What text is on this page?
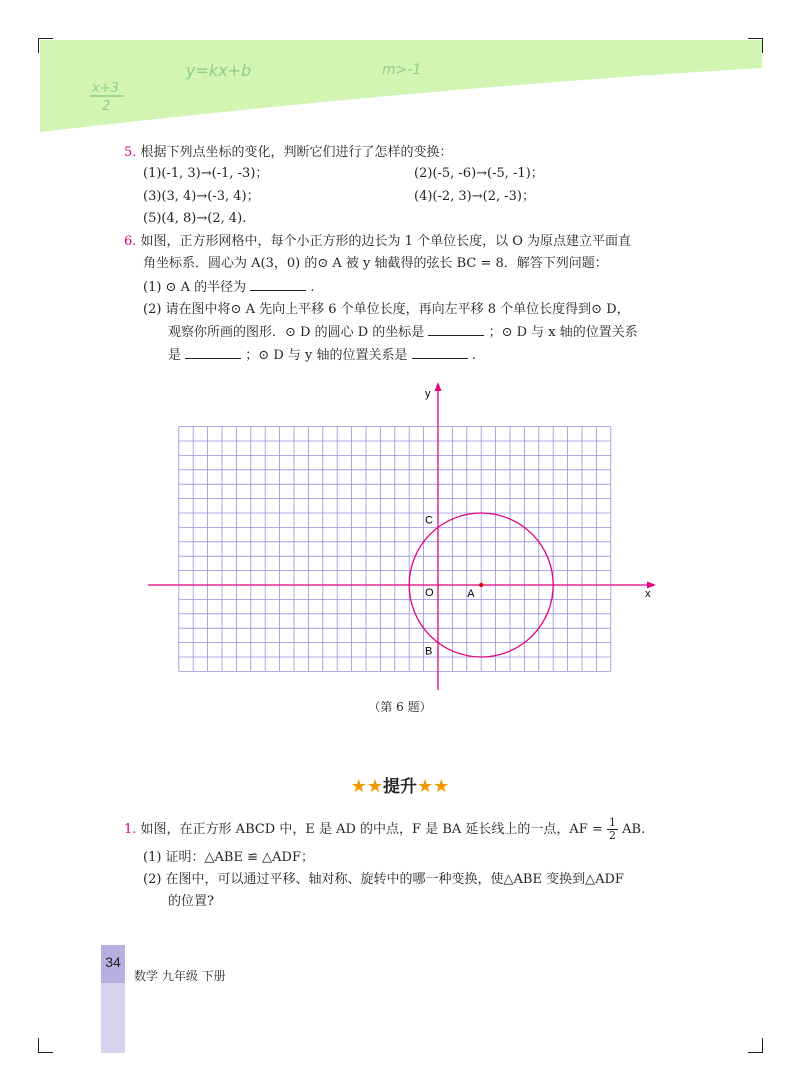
x+3
2
y=kx+b	m>-1
5. 根据下列点坐标的变化，判断它们进行了怎样的变换：
(1)(-1, 3)→(-1, -3)；	(2)(-5, -6)→(-5, -1)；
(3)(3, 4)→(-3, 4)；	(4)(-2, 3)→(2, -3)；
(5)(4, 8)→(2, 4).
6. 如图，正方形网格中，每个小正方形的边长为 1 个单位长度，以 O 为原点建立平面直
角坐标系．圆心为 A(3，0) 的⊙ A 被 y 轴截得的弦长 BC = 8．解答下列问题：
(1) ⊙ A 的半径为	.
(2) 请在图中将⊙ A 先向上平移 6 个单位长度，再向左平移 8 个单位长度得到⊙ D，
观察你所画的图形．⊙ D 的圆心 D 的坐标是	；⊙ D 与 x 轴的位置关系
是	；⊙ D 与 y 轴的位置关系是	.
x
y
O	A
B
C
（第 6 题）
★★提升★★
1. 如图，在正方形 ABCD 中，E 是 AD 的中点，F 是 BA 延长线上的一点，AF = $\frac{1}{2}$ AB.
(1) 证明：△ABE ≌ △ADF；
(2) 在图中，可以通过平移、轴对称、旋转中的哪一种变换，使△ABE 变换到△ADF
的位置?
34
数学 九年级 下册
